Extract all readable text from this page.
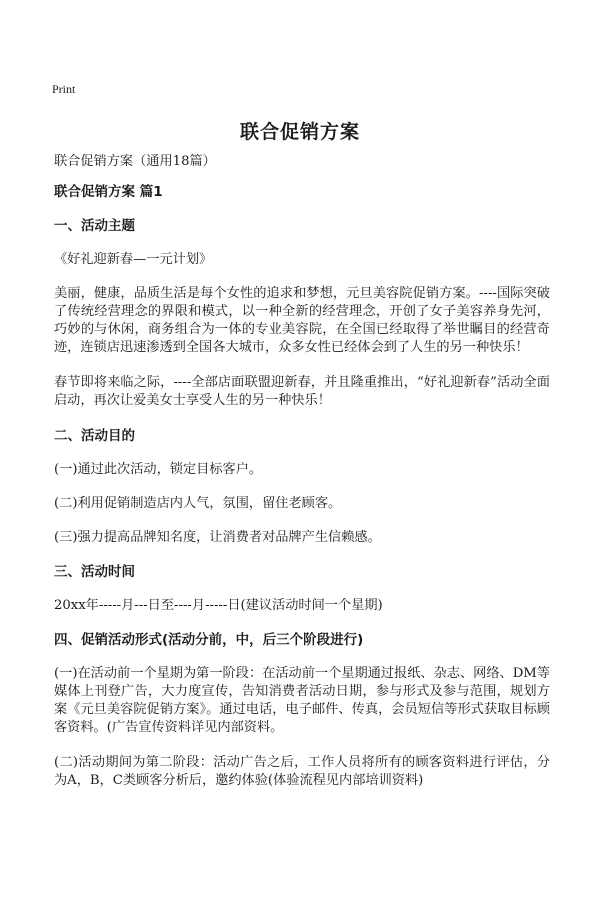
Print
联合促销方案

联合促销方案（通用18篇）

联合促销方案 篇1

一、活动主题

《好礼迎新春—一元计划》

美丽，健康，品质生活是每个女性的追求和梦想，元旦美容院促销方案。----国际突破了传统经营理念的界限和模式，以一种全新的经营理念，开创了女子美容养身先河，巧妙的与休闲，商务组合为一体的专业美容院，在全国已经取得了举世瞩目的经营奇迹，连锁店迅速渗透到全国各大城市，众多女性已经体会到了人生的另一种快乐！

春节即将来临之际，----全部店面联盟迎新春，并且隆重推出，“好礼迎新春”活动全面启动，再次让爱美女士享受人生的另一种快乐！

二、活动目的

(一)通过此次活动，锁定目标客户。

(二)利用促销制造店内人气，氛围，留住老顾客。

(三)强力提高品牌知名度，让消费者对品牌产生信赖感。

三、活动时间

20xx年-----月---日至----月-----日(建议活动时间一个星期)

四、促销活动形式(活动分前，中，后三个阶段进行)

(一)在活动前一个星期为第一阶段：在活动前一个星期通过报纸、杂志、网络、DM等媒体上刊登广告，大力度宣传，告知消费者活动日期，参与形式及参与范围，规划方案《元旦美容院促销方案》。通过电话，电子邮件、传真，会员短信等形式获取目标顾客资料。(广告宣传资料详见内部资料。

(二)活动期间为第二阶段：活动广告之后，工作人员将所有的顾客资料进行评估，分为A，B，C类顾客分析后，邀约体验(体验流程见内部培训资料)
